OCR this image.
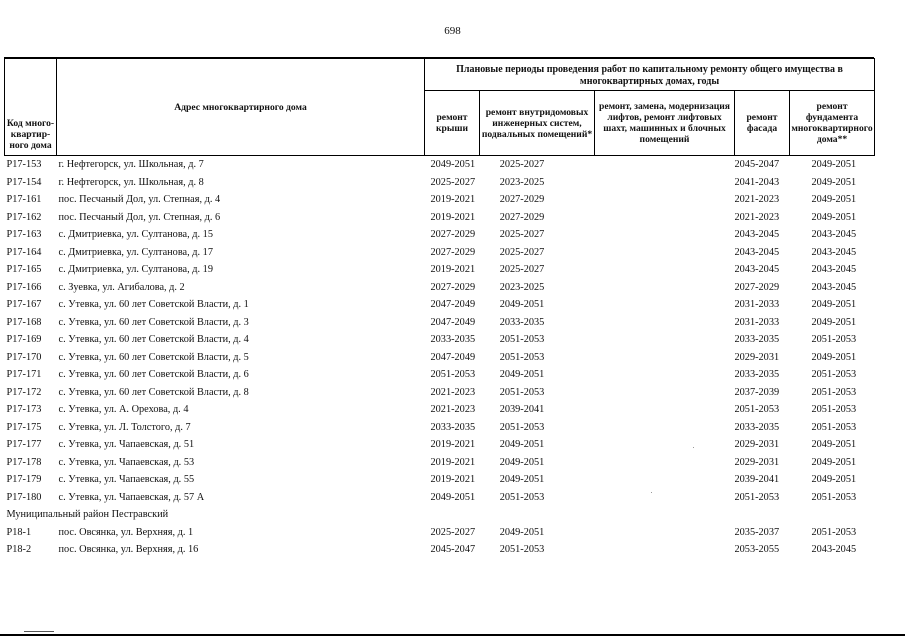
698
Код много-квартир-ного дома	Адрес многоквартирного дома	Плановые периоды проведения работ по капитальному ремонту общего имущества в многоквартирных домах, годы				
		ремонт крыши	ремонт внутридомовых инженерных систем, подвальных помещений*	ремонт, замена, модернизация лифтов, ремонт лифтовых шахт, машинных и блочных помещений	ремонт фасада	ремонт фундамента многоквартирного дома**
Р17-153	г. Нефтегорск, ул. Школьная, д. 7	2049-2051	2025-2027		2045-2047	2049-2051
Р17-154	г. Нефтегорск, ул. Школьная, д. 8	2025-2027	2023-2025		2041-2043	2049-2051
Р17-161	пос. Песчаный Дол, ул. Степная, д. 4	2019-2021	2027-2029		2021-2023	2049-2051
Р17-162	пос. Песчаный Дол, ул. Степная, д. 6	2019-2021	2027-2029		2021-2023	2049-2051
Р17-163	с. Дмитриевка, ул. Султанова, д. 15	2027-2029	2025-2027		2043-2045	2043-2045
Р17-164	с. Дмитриевка, ул. Султанова, д. 17	2027-2029	2025-2027		2043-2045	2043-2045
Р17-165	с. Дмитриевка, ул. Султанова, д. 19	2019-2021	2025-2027		2043-2045	2043-2045
Р17-166	с. Зуевка, ул. Агибалова, д. 2	2027-2029	2023-2025		2027-2029	2043-2045
Р17-167	с. Утевка, ул. 60 лет Советской Власти, д. 1	2047-2049	2049-2051		2031-2033	2049-2051
Р17-168	с. Утевка, ул. 60 лет Советской Власти, д. 3	2047-2049	2033-2035		2031-2033	2049-2051
Р17-169	с. Утевка, ул. 60 лет Советской Власти, д. 4	2033-2035	2051-2053		2033-2035	2051-2053
Р17-170	с. Утевка, ул. 60 лет Советской Власти, д. 5	2047-2049	2051-2053		2029-2031	2049-2051
Р17-171	с. Утевка, ул. 60 лет Советской Власти, д. 6	2051-2053	2049-2051		2033-2035	2051-2053
Р17-172	с. Утевка, ул. 60 лет Советской Власти, д. 8	2021-2023	2051-2053		2037-2039	2051-2053
Р17-173	с. Утевка, ул. А. Орехова, д. 4	2021-2023	2039-2041		2051-2053	2051-2053
Р17-175	с. Утевка, ул. Л. Толстого, д. 7	2033-2035	2051-2053		2033-2035	2051-2053
Р17-177	с. Утевка, ул. Чапаевская, д. 51	2019-2021	2049-2051		2029-2031	2049-2051
Р17-178	с. Утевка, ул. Чапаевская, д. 53	2019-2021	2049-2051		2029-2031	2049-2051
Р17-179	с. Утевка, ул. Чапаевская, д. 55	2019-2021	2049-2051		2039-2041	2049-2051
Р17-180	с. Утевка, ул. Чапаевская, д. 57 А	2049-2051	2051-2053		2051-2053	2051-2053
Муниципальный район Пестравский						
Р18-1	пос. Овсянка, ул. Верхняя, д. 1	2025-2027	2049-2051		2035-2037	2051-2053
Р18-2	пос. Овсянка, ул. Верхняя, д. 16	2045-2047	2051-2053		2053-2055	2043-2045
